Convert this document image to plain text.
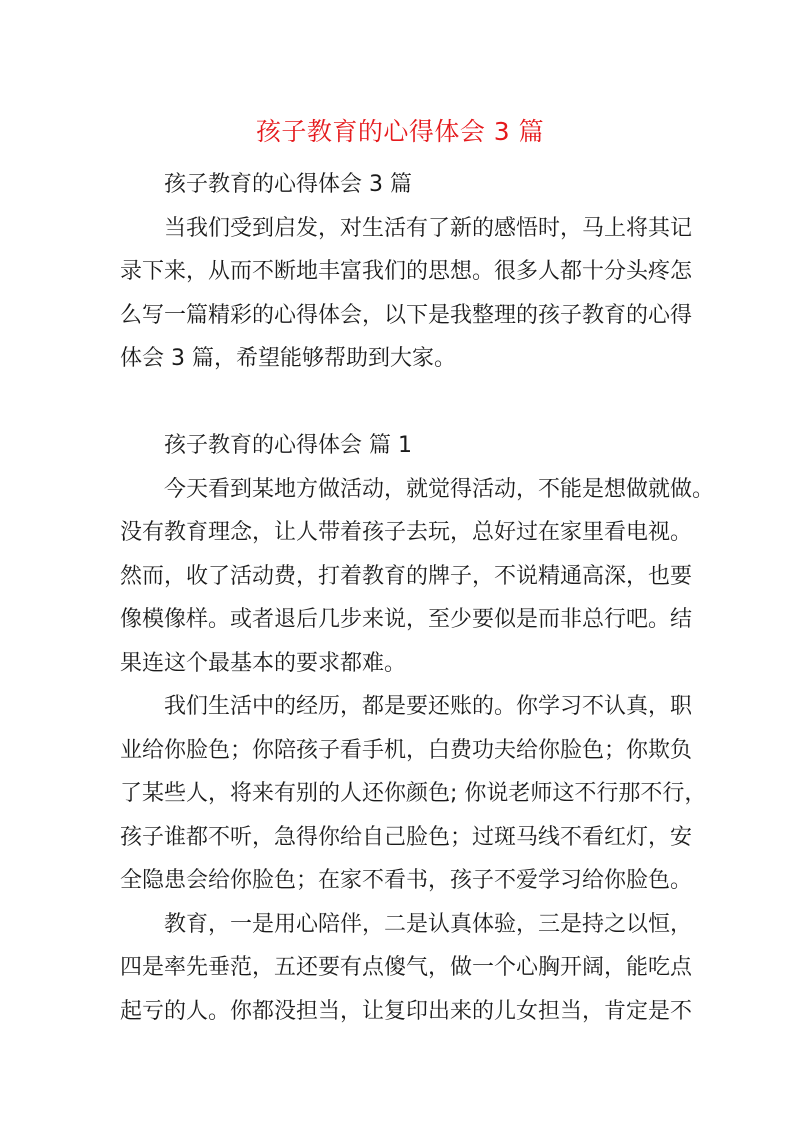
孩子教育的心得体会 3 篇
孩子教育的心得体会 3 篇
当我们受到启发，对生活有了新的感悟时，马上将其记
录下来，从而不断地丰富我们的思想。很多人都十分头疼怎
么写一篇精彩的心得体会，以下是我整理的孩子教育的心得
体会 3 篇，希望能够帮助到大家。
孩子教育的心得体会 篇 1
今天看到某地方做活动，就觉得活动，不能是想做就做。
没有教育理念，让人带着孩子去玩，总好过在家里看电视。
然而，收了活动费，打着教育的牌子，不说精通高深，也要
像模像样。或者退后几步来说，至少要似是而非总行吧。结
果连这个最基本的要求都难。
我们生活中的经历，都是要还账的。你学习不认真，职
业给你脸色；你陪孩子看手机，白费功夫给你脸色；你欺负
了某些人，将来有别的人还你颜色; 你说老师这不行那不行，
孩子谁都不听，急得你给自己脸色；过斑马线不看红灯，安
全隐患会给你脸色；在家不看书，孩子不爱学习给你脸色。
教育，一是用心陪伴，二是认真体验，三是持之以恒，
四是率先垂范，五还要有点傻气，做一个心胸开阔，能吃点
起亏的人。你都没担当，让复印出来的儿女担当，肯定是不
